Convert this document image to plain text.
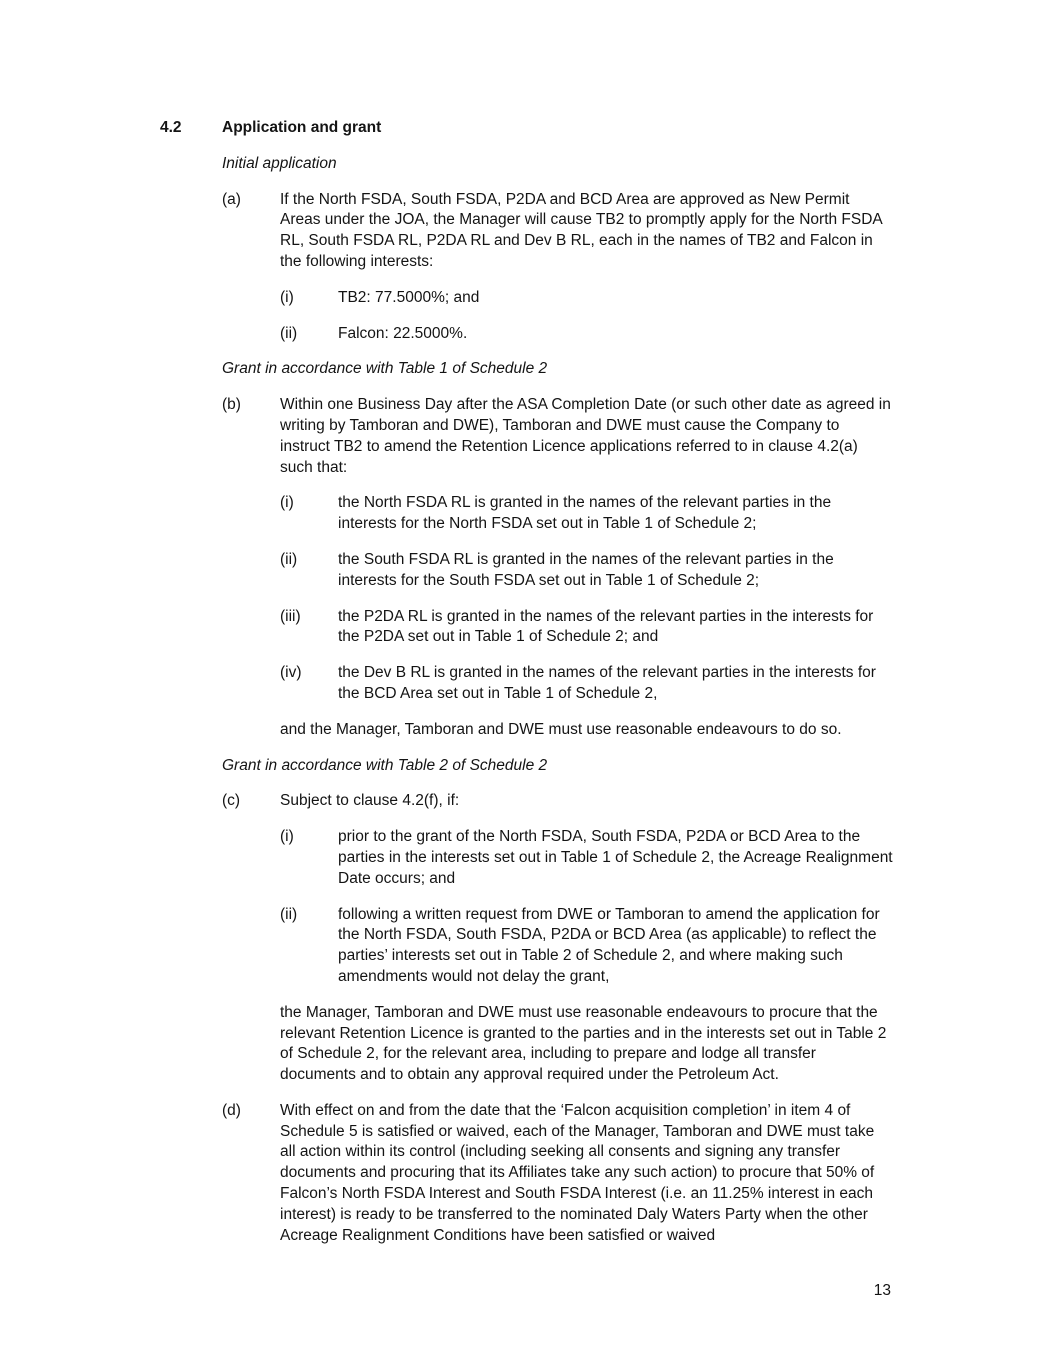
4.2	Application and grant
Initial application
(a)	If the North FSDA, South FSDA, P2DA and BCD Area are approved as New Permit Areas under the JOA, the Manager will cause TB2 to promptly apply for the North FSDA RL, South FSDA RL, P2DA RL and Dev B RL, each in the names of TB2 and Falcon in the following interests:

(i)	TB2: 77.5000%; and
(ii)	Falcon: 22.5000%.
Grant in accordance with Table 1 of Schedule 2
(b)	Within one Business Day after the ASA Completion Date (or such other date as agreed in writing by Tamboran and DWE), Tamboran and DWE must cause the Company to instruct TB2 to amend the Retention Licence applications referred to in clause 4.2(a) such that:

(i)	the North FSDA RL is granted in the names of the relevant parties in the interests for the North FSDA set out in Table 1 of Schedule 2;
(ii)	the South FSDA RL is granted in the names of the relevant parties in the interests for the South FSDA set out in Table 1 of Schedule 2;
(iii)	the P2DA RL is granted in the names of the relevant parties in the interests for the P2DA set out in Table 1 of Schedule 2; and
(iv)	the Dev B RL is granted in the names of the relevant parties in the interests for the BCD Area set out in Table 1 of Schedule 2,
and the Manager, Tamboran and DWE must use reasonable endeavours to do so.
Grant in accordance with Table 2 of Schedule 2
(c)	Subject to clause 4.2(f), if:

(i)	prior to the grant of the North FSDA, South FSDA, P2DA or BCD Area to the parties in the interests set out in Table 1 of Schedule 2, the Acreage Realignment Date occurs; and
(ii)	following a written request from DWE or Tamboran to amend the application for the North FSDA, South FSDA, P2DA or BCD Area (as applicable) to reflect the parties’ interests set out in Table 2 of Schedule 2, and where making such amendments would not delay the grant,
the Manager, Tamboran and DWE must use reasonable endeavours to procure that the relevant Retention Licence is granted to the parties and in the interests set out in Table 2 of Schedule 2, for the relevant area, including to prepare and lodge all transfer documents and to obtain any approval required under the Petroleum Act.
(d)	With effect on and from the date that the ‘Falcon acquisition completion’ in item 4 of Schedule 5 is satisfied or waived, each of the Manager, Tamboran and DWE must take all action within its control (including seeking all consents and signing any transfer documents and procuring that its Affiliates take any such action) to procure that 50% of Falcon’s North FSDA Interest and South FSDA Interest (i.e. an 11.25% interest in each interest) is ready to be transferred to the nominated Daly Waters Party when the other Acreage Realignment Conditions have been satisfied or waived

13
